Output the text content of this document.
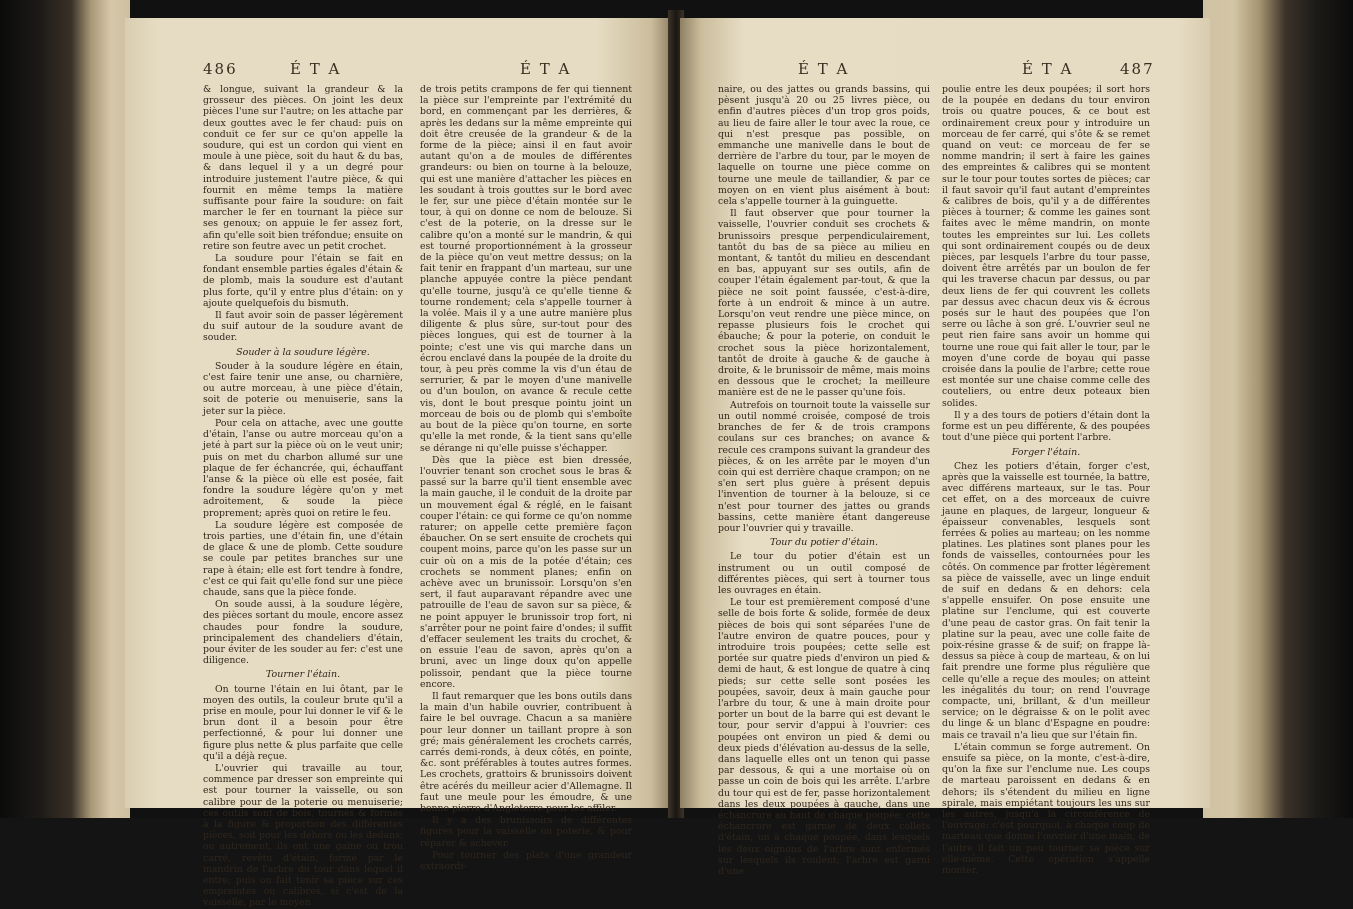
486	É T A	É T A

& longue, suivant la grandeur & la grosseur des pièces. On joint les deux pièces l'une sur l'autre; on les attache par deux gouttes avec le fer chaud: puis on conduit ce fer sur ce qu'on appelle la soudure, qui est un cordon qui vient en moule à une pièce, soit du haut & du bas, & dans lequel il y a un degré pour introduire justement l'autre pièce, & qui fournit en même temps la matière suffisante pour faire la soudure: on fait marcher le fer en tournant la pièce sur ses genoux; on appuie le fer assez fort, afin qu'elle soit bien tréfondue; ensuite on retire son feutre avec un petit crochet.

La soudure pour l'étain se fait en fondant ensemble parties égales d'étain & de plomb, mais la soudure est d'autant plus forte, qu'il y entre plus d'étain: on y ajoute quelquefois du bismuth.

Il faut avoir soin de passer légèrement du suif autour de la soudure avant de souder.

Souder à la soudure légère.

Souder à la soudure légère en étain, c'est faire tenir une anse, ou charnière, ou autre morceau, à une pièce d'étain, soit de poterie ou menuiserie, sans la jeter sur la pièce.

Pour cela on attache, avec une goutte d'étain, l'anse ou autre morceau qu'on a jeté à part sur la pièce où on le veut unir; puis on met du charbon allumé sur une plaque de fer échancrée, qui, échauffant l'anse & la pièce où elle est posée, fait fondre la soudure légère qu'on y met adroitement, & soude la pièce proprement; après quoi on retire le feu.

La soudure légère est composée de trois parties, une d'étain fin, une d'étain de glace & une de plomb. Cette soudure se coule par petites branches sur une rape à étain; elle est fort tendre à fondre, c'est ce qui fait qu'elle fond sur une pièce chaude, sans que la pièce fonde.

On soude aussi, à la soudure légère, des pièces sortant du moule, encore assez chaudes pour fondre la soudure, principalement des chandeliers d'étain, pour éviter de les souder au fer: c'est une diligence.

Tourner l'étain.

On tourne l'étain en lui ôtant, par le moyen des outils, la couleur brute qu'il a prise en moule, pour lui donner le vif & le brun dont il a besoin pour être perfectionné, & pour lui donner une figure plus nette & plus parfaite que celle qu'il a déjà reçue.

L'ouvrier qui travaille au tour, commence par dresser son empreinte qui est pour tourner la vaisselle, ou son calibre pour de la poterie ou menuiserie; ces outils sont de bois, tournés & formés à la figure & proportion des différentes pièces, soit pour les dehors ou les dedans; ou autrement, ils ont une gaine ou trou carré, revêtu d'étain, formé par le mandrin de l'arbre du tour dans lequel il entre; puis on fait tenir sa pièce sur ces empreintes ou calibres, si c'est de la vaisselle, par le moyen

de trois petits crampons de fer qui tiennent la pièce sur l'empreinte par l'extrémité du bord, en commençant par les derrières, & après les dedans sur la même empreinte qui doit être creusée de la grandeur & de la forme de la pièce; ainsi il en faut avoir autant qu'on a de moules de différentes grandeurs: ou bien on tourne à la belouze, qui est une manière d'attacher les pièces en les soudant à trois gouttes sur le bord avec le fer, sur une pièce d'étain montée sur le tour, à qui on donne ce nom de belouze. Si c'est de la poterie, on la dresse sur le calibre qu'on a monté sur le mandrin, & qui est tourné proportionnément à la grosseur de la pièce qu'on veut mettre dessus; on la fait tenir en frappant d'un marteau, sur une planche appuyée contre la pièce pendant qu'elle tourne, jusqu'à ce qu'elle tienne & tourne rondement; cela s'appelle tourner à la volée. Mais il y a une autre manière plus diligente & plus sûre, sur-tout pour des pièces longues, qui est de tourner à la pointe; c'est une vis qui marche dans un écrou enclavé dans la poupée de la droite du tour, à peu près comme la vis d'un étau de serrurier, & par le moyen d'une manivelle ou d'un boulon, on avance & recule cette vis, dont le bout presque pointu joint un morceau de bois ou de plomb qui s'emboîte au bout de la pièce qu'on tourne, en sorte qu'elle la met ronde, & la tient sans qu'elle se dérange ni qu'elle puisse s'échapper.

Dès que la pièce est bien dressée, l'ouvrier tenant son crochet sous le bras & passé sur la barre qu'il tient ensemble avec la main gauche, il le conduit de la droite par un mouvement égal & réglé, en le faisant couper l'étain: ce qui forme ce qu'on nomme raturer; on appelle cette première façon ébaucher. On se sert ensuite de crochets qui coupent moins, parce qu'on les passe sur un cuir où on a mis de la potée d'étain; ces crochets se nomment planes; enfin on achève avec un brunissoir. Lorsqu'on s'en sert, il faut auparavant répandre avec une patrouille de l'eau de savon sur sa pièce, & ne point appuyer le brunissoir trop fort, ni s'arrêter pour ne point faire d'ondes; il suffit d'effacer seulement les traits du crochet, & on essuie l'eau de savon, après qu'on a bruni, avec un linge doux qu'on appelle polissoir, pendant que la pièce tourne encore.

Il faut remarquer que les bons outils dans la main d'un habile ouvrier, contribuent à faire le bel ouvrage. Chacun a sa manière pour leur donner un taillant propre à son gré; mais généralement les crochets carrés, carrés demi-ronds, à deux côtés, en pointe, &c. sont préférables à toutes autres formes. Les crochets, grattoirs & brunissoirs doivent être acérés du meilleur acier d'Allemagne. Il faut une meule pour les émoudre, & une bonne pierre d'Angleterre pour les affiler.

Il y a des brunissoirs de différentes figures pour la vaisselle ou poterie, & pour réparer & achever.

Pour tourner des plats d'une grandeur extraordi-

É T A	É T A	487

naire, ou des jattes ou grands bassins, qui pèsent jusqu'à 20 ou 25 livres pièce, ou enfin d'autres pièces d'un trop gros poids, au lieu de faire aller le tour avec la roue, ce qui n'est presque pas possible, on emmanche une manivelle dans le bout de derrière de l'arbre du tour, par le moyen de laquelle on tourne une pièce comme on tourne une meule de taillandier, & par ce moyen on en vient plus aisément à bout: cela s'appelle tourner à la guinguette.

Il faut observer que pour tourner la vaisselle, l'ouvrier conduit ses crochets & brunissoirs presque perpendiculairement, tantôt du bas de sa pièce au milieu en montant, & tantôt du milieu en descendant en bas, appuyant sur ses outils, afin de couper l'étain également par-tout, & que la pièce ne soit point faussée, c'est-à-dire, forte à un endroit & mince à un autre. Lorsqu'on veut rendre une pièce mince, on repasse plusieurs fois le crochet qui ébauche; & pour la poterie, on conduit le crochet sous la pièce horizontalement, tantôt de droite à gauche & de gauche à droite, & le brunissoir de même, mais moins en dessous que le crochet; la meilleure manière est de ne le passer qu'une fois.

Autrefois on tournoit toute la vaisselle sur un outil nommé croisée, composé de trois branches de fer & de trois crampons coulans sur ces branches; on avance & recule ces crampons suivant la grandeur des pièces, & on les arrête par le moyen d'un coin qui est derrière chaque crampon; on ne s'en sert plus guère à présent depuis l'invention de tourner à la belouze, si ce n'est pour tourner des jattes ou grands bassins, cette manière étant dangereuse pour l'ouvrier qui y travaille.

Tour du potier d'étain.

Le tour du potier d'étain est un instrument ou un outil composé de différentes pièces, qui sert à tourner tous les ouvrages en étain.

Le tour est premièrement composé d'une selle de bois forte & solide, formée de deux pièces de bois qui sont séparées l'une de l'autre environ de quatre pouces, pour y introduire trois poupées; cette selle est portée sur quatre pieds d'environ un pied & demi de haut, & est longue de quatre à cinq pieds; sur cette selle sont posées les poupées, savoir, deux à main gauche pour l'arbre du tour, & une à main droite pour porter un bout de la barre qui est devant le tour, pour servir d'appui à l'ouvrier: ces poupées ont environ un pied & demi ou deux pieds d'élévation au-dessus de la selle, dans laquelle elles ont un tenon qui passe par dessous, & qui a une mortaise où on passe un coin de bois qui les arrête. L'arbre du tour qui est de fer, passe horizontalement dans les deux poupées à gauche, dans une échancrure au haut de chaque poupée: cette échancrure est garnie de deux collets d'étain, un à chaque poupée, dans lesquels les deux oignons de l'arbre sont enfermés sur lesquels ils roulent; l'arbre est garni d'une

poulie entre les deux poupées; il sort hors de la poupée en dedans du tour environ trois ou quatre pouces, & ce bout est ordinairement creux pour y introduire un morceau de fer carré, qui s'ôte & se remet quand on veut: ce morceau de fer se nomme mandrin; il sert à faire les gaines des empreintes & calibres qui se montent sur le tour pour toutes sortes de pièces; car il faut savoir qu'il faut autant d'empreintes & calibres de bois, qu'il y a de différentes pièces à tourner; & comme les gaines sont faites avec le même mandrin, on monte toutes les empreintes sur lui. Les collets qui sont ordinairement coupés ou de deux pièces, par lesquels l'arbre du tour passe, doivent être arrêtés par un boulon de fer qui les traverse chacun par dessus, ou par deux liens de fer qui couvrent les collets par dessus avec chacun deux vis & écrous posés sur le haut des poupées que l'on serre ou lâche à son gré. L'ouvrier seul ne peut rien faire sans avoir un homme qui tourne une roue qui fait aller le tour, par le moyen d'une corde de boyau qui passe croisée dans la poulie de l'arbre; cette roue est montée sur une chaise comme celle des couteliers, ou entre deux poteaux bien solides.

Il y a des tours de potiers d'étain dont la forme est un peu différente, & des poupées tout d'une pièce qui portent l'arbre.

Forger l'étain.

Chez les potiers d'étain, forger c'est, après que la vaisselle est tournée, la battre, avec différens marteaux, sur le tas. Pour cet effet, on a des morceaux de cuivre jaune en plaques, de largeur, longueur & épaisseur convenables, lesquels sont ferrées & polies au marteau; on les nomme platines. Les platines sont planes pour les fonds de vaisselles, contournées pour les côtés. On commence par frotter légèrement sa pièce de vaisselle, avec un linge enduit de suif en dedans & en dehors: cela s'appelle ensuifer. On pose ensuite une platine sur l'enclume, qui est couverte d'une peau de castor gras. On fait tenir la platine sur la peau, avec une colle faite de poix-résine grasse & de suif; on frappe là-dessus sa pièce à coup de marteau, & on lui fait prendre une forme plus régulière que celle qu'elle a reçue des moules; on atteint les inégalités du tour; on rend l'ouvrage compacte, uni, brillant, & d'un meilleur service; on le dégraisse & on le polit avec du linge & un blanc d'Espagne en poudre: mais ce travail n'a lieu que sur l'étain fin.

L'étain commun se forge autrement. On ensuife sa pièce, on la monte, c'est-à-dire, qu'on la fixe sur l'enclume nue. Les coups de marteau paroissent en dedans & en dehors; ils s'étendent du milieu en ligne spirale, mais empiétant toujours les uns sur les autres, jusqu'à la circonférence de l'ouvrage: c'est pourquoi, à chaque coup de marteau que donne l'ouvrier d'une main, de l'autre il fait un peu tourner sa pièce sur elle-même. Cette opération s'appelle monter.
